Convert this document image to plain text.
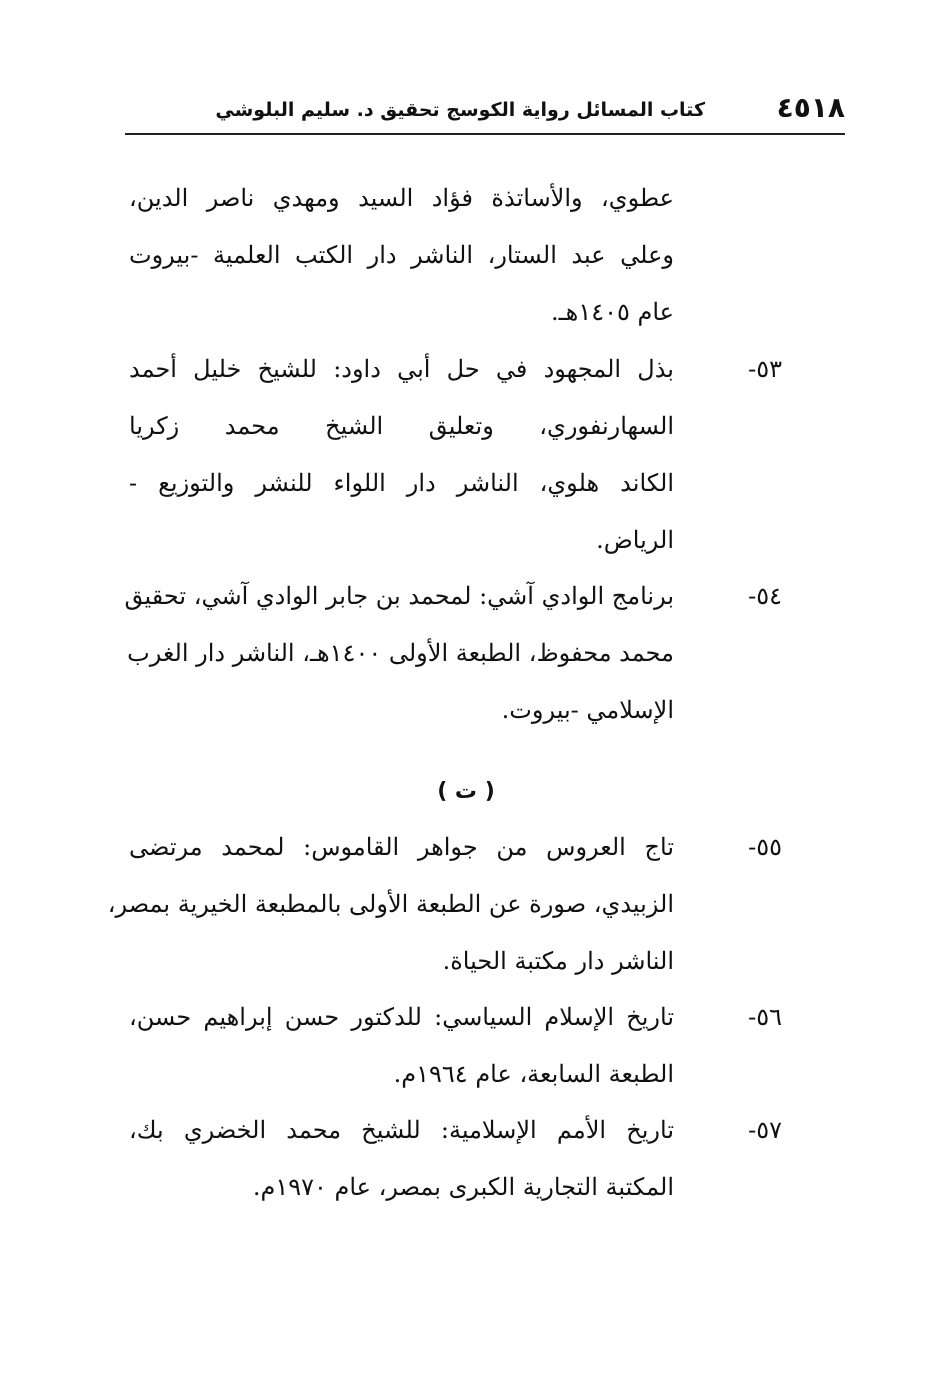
٤٥١٨
كتاب المسائل رواية الكوسج تحقيق د. سليم البلوشي
عطوي، والأساتذة فؤاد السيد ومهدي ناصر الدين،
وعلي عبد الستار، الناشر دار الكتب العلمية -بيروت
عام ١٤٠٥هـ.
٥٣-
بذل المجهود في حل أبي داود: للشيخ خليل أحمد
السهارنفوري، وتعليق الشيخ محمد زكريا
الكاند هلوي، الناشر دار اللواء للنشر والتوزيع -
الرياض.
٥٤-
برنامج الوادي آشي: لمحمد بن جابر الوادي آشي، تحقيق
محمد محفوظ، الطبعة الأولى ١٤٠٠هـ، الناشر دار الغرب
الإسلامي -بيروت.
( ت )
٥٥-
تاج العروس من جواهر القاموس: لمحمد مرتضى
الزبيدي، صورة عن الطبعة الأولى بالمطبعة الخيرية بمصر،
الناشر دار مكتبة الحياة.
٥٦-
تاريخ الإسلام السياسي: للدكتور حسن إبراهيم حسن،
الطبعة السابعة، عام ١٩٦٤م.
٥٧-
تاريخ الأمم الإسلامية: للشيخ محمد الخضري بك،
المكتبة التجارية الكبرى بمصر، عام ١٩٧٠م.
